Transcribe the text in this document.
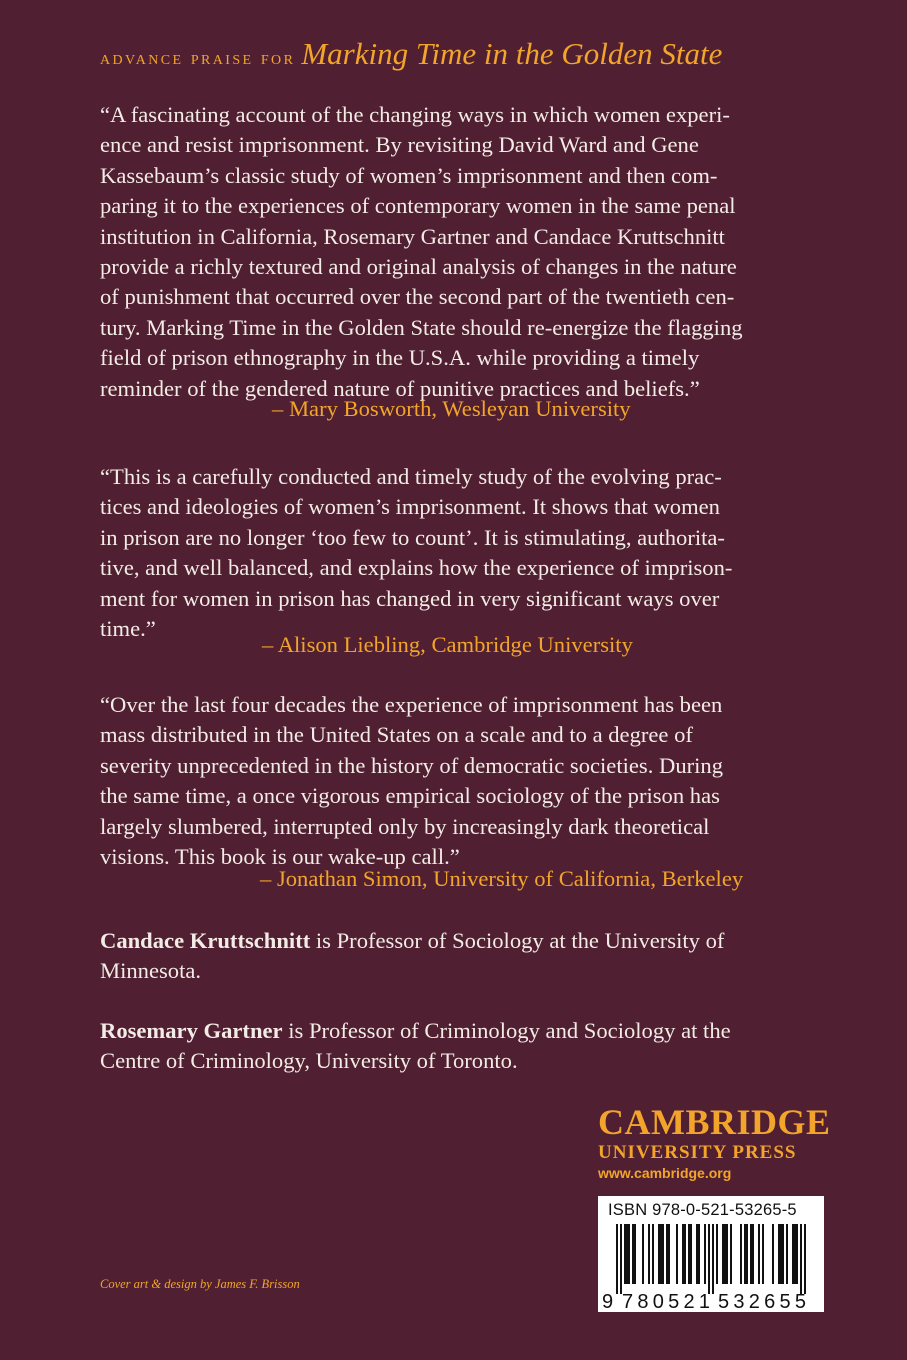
advance praise for Marking Time in the Golden State
“A fascinating account of the changing ways in which women experi-
ence and resist imprisonment. By revisiting David Ward and Gene
Kassebaum’s classic study of women’s imprisonment and then com-
paring it to the experiences of contemporary women in the same penal
institution in California, Rosemary Gartner and Candace Kruttschnitt
provide a richly textured and original analysis of changes in the nature
of punishment that occurred over the second part of the twentieth cen-
tury. Marking Time in the Golden State should re-energize the flagging
field of prison ethnography in the U.S.A. while providing a timely
reminder of the gendered nature of punitive practices and beliefs.”
– Mary Bosworth, Wesleyan University
“This is a carefully conducted and timely study of the evolving prac-
tices and ideologies of women’s imprisonment. It shows that women
in prison are no longer ‘too few to count’. It is stimulating, authorita-
tive, and well balanced, and explains how the experience of imprison-
ment for women in prison has changed in very significant ways over
time.”
– Alison Liebling, Cambridge University
“Over the last four decades the experience of imprisonment has been
mass distributed in the United States on a scale and to a degree of
severity unprecedented in the history of democratic societies. During
the same time, a once vigorous empirical sociology of the prison has
largely slumbered, interrupted only by increasingly dark theoretical
visions. This book is our wake-up call.”
– Jonathan Simon, University of California, Berkeley
Candace Kruttschnitt is Professor of Sociology at the University of
Minnesota.
Rosemary Gartner is Professor of Criminology and Sociology at the
Centre of Criminology, University of Toronto.
CAMBRIDGE
UNIVERSITY PRESS
www.cambridge.org
ISBN 978-0-521-53265-5
9 780521 532655
Cover art & design by James F. Brisson
